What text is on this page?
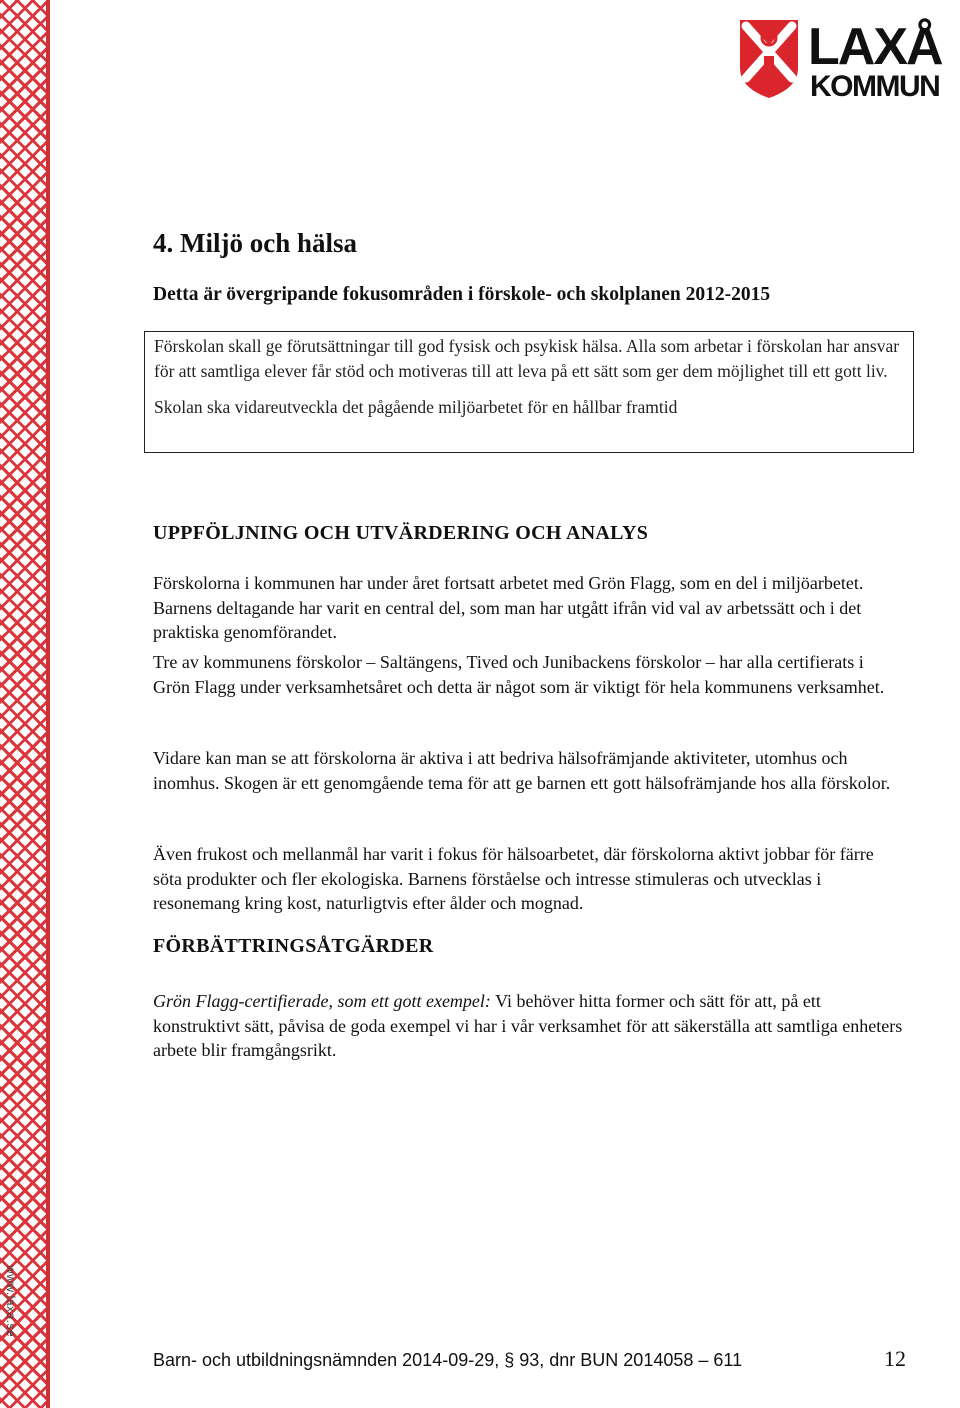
LAXÅ
KOMMUN
4. Miljö och hälsa
Detta är övergripande fokusområden i förskole- och skolplanen 2012-2015

Förskolan skall ge förutsättningar till god fysisk och psykisk hälsa. Alla som arbetar i förskolan har ansvar för att samtliga elever får stöd och motiveras till att leva på ett sätt som ger dem möjlighet till ett gott liv.

Skolan ska vidareutveckla det pågående miljöarbetet för en hållbar framtid

UPPFÖLJNING OCH UTVÄRDERING OCH ANALYS

Förskolorna i kommunen har under året fortsatt arbetet med Grön Flagg, som en del i miljöarbetet. Barnens deltagande har varit en central del, som man har utgått ifrån vid val av arbetssätt och i det praktiska genomförandet.

Tre av kommunens förskolor – Saltängens, Tived och Junibackens förskolor – har alla certifierats i Grön Flagg under verksamhetsåret och detta är något som är viktigt för hela kommunens verksamhet.

Vidare kan man se att förskolorna är aktiva i att bedriva hälsofrämjande aktiviteter, utomhus och inomhus. Skogen är ett genomgående tema för att ge barnen ett gott hälsofrämjande hos alla förskolor.

Även frukost och mellanmål har varit i fokus för hälsoarbetet, där förskolorna aktivt jobbar för färre söta produkter och fler ekologiska. Barnens förståelse och intresse stimuleras och utvecklas i resonemang kring kost, naturligtvis efter ålder och mognad.

FÖRBÄTTRINGSÅTGÄRDER

Grön Flagg-certifierade, som ett gott exempel: Vi behöver hitta former och sätt för att, på ett konstruktivt sätt, påvisa de goda exempel vi har i vår verksamhet för att säkerställa att samtliga enheters arbete blir framgångsrikt.

www.laxa.se
Barn- och utbildningsnämnden 2014-09-29, § 93, dnr BUN 2014058 – 611	12
